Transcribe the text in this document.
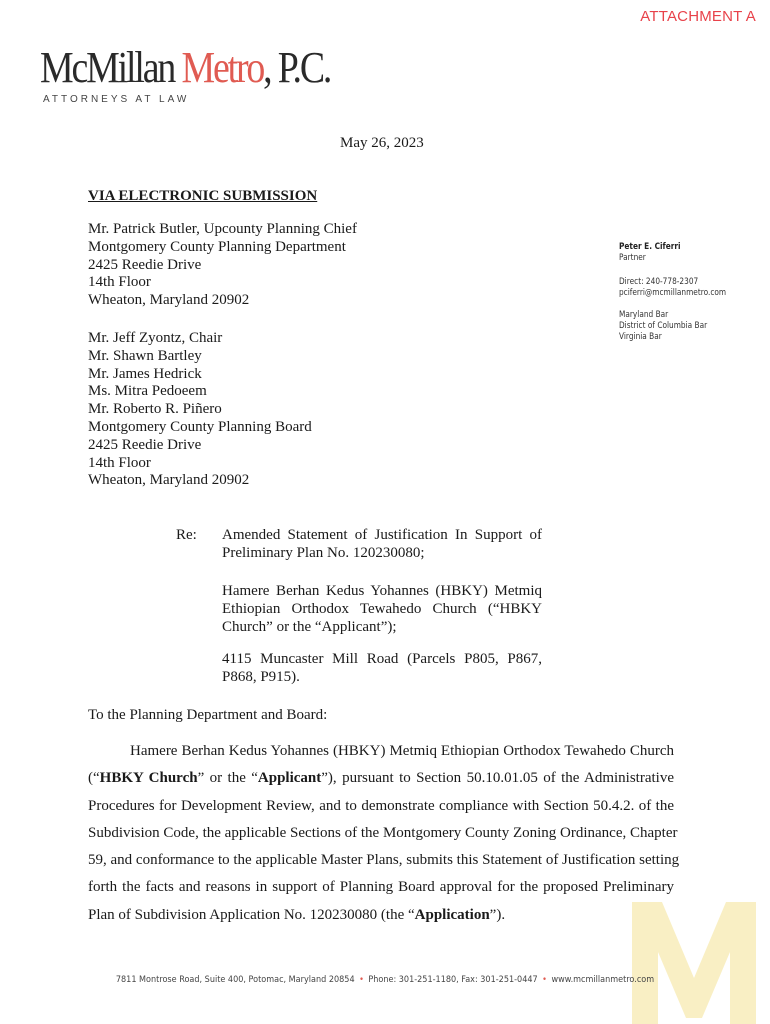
ATTACHMENT A
McMillan Metro, P.C.
ATTORNEYS AT LAW
May 26, 2023
VIA ELECTRONIC SUBMISSION
Mr. Patrick Butler, Upcounty Planning Chief
Montgomery County Planning Department
2425 Reedie Drive
14th Floor
Wheaton, Maryland 20902
Mr. Jeff Zyontz, Chair
Mr. Shawn Bartley
Mr. James Hedrick
Ms. Mitra Pedoeem
Mr. Roberto R. Piñero
Montgomery County Planning Board
2425 Reedie Drive
14th Floor
Wheaton, Maryland 20902
Peter E. Ciferri
Partner
Direct: 240-778-2307
pciferri@mcmillanmetro.com
Maryland Bar
District of Columbia Bar
Virginia Bar
Re: Amended Statement of Justification In Support of Preliminary Plan No. 120230080;
Hamere Berhan Kedus Yohannes (HBKY) Metmiq Ethiopian Orthodox Tewahedo Church (“HBKY Church” or the “Applicant”);
4115 Muncaster Mill Road (Parcels P805, P867, P868, P915).
To the Planning Department and Board:
Hamere Berhan Kedus Yohannes (HBKY) Metmiq Ethiopian Orthodox Tewahedo Church
(“HBKY Church” or the “Applicant”), pursuant to Section 50.10.01.05 of the Administrative
Procedures for Development Review, and to demonstrate compliance with Section 50.4.2. of the
Subdivision Code, the applicable Sections of the Montgomery County Zoning Ordinance, Chapter
59, and conformance to the applicable Master Plans, submits this Statement of Justification setting
forth the facts and reasons in support of Planning Board approval for the proposed Preliminary
Plan of Subdivision Application No. 120230080 (the “Application”).
7811 Montrose Road, Suite 400, Potomac, Maryland 20854 • Phone: 301-251-1180, Fax: 301-251-0447 • www.mcmillanmetro.com
